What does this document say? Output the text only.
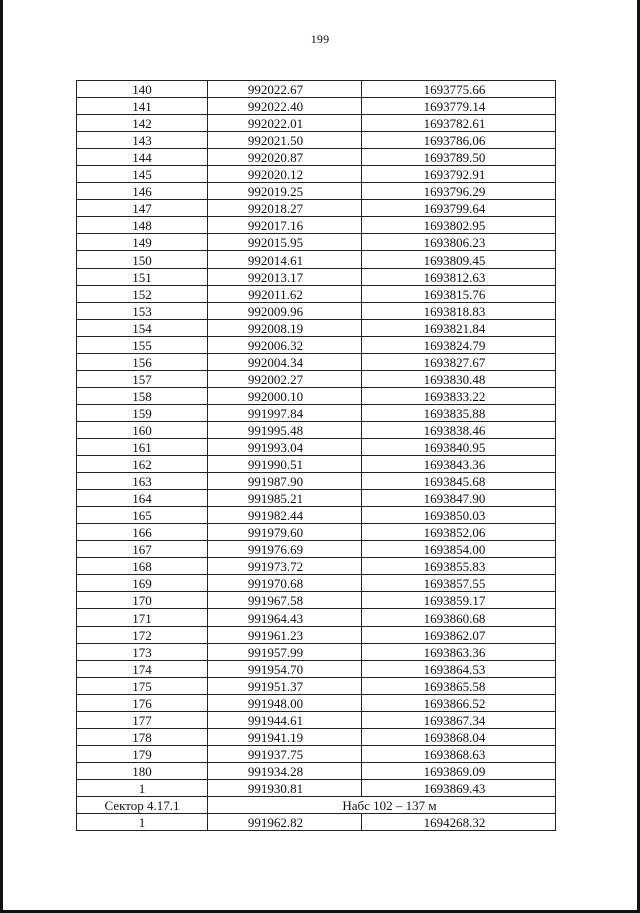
199
140	992022.67	1693775.66
141	992022.40	1693779.14
142	992022.01	1693782.61
143	992021.50	1693786.06
144	992020.87	1693789.50
145	992020.12	1693792.91
146	992019.25	1693796.29
147	992018.27	1693799.64
148	992017.16	1693802.95
149	992015.95	1693806.23
150	992014.61	1693809.45
151	992013.17	1693812.63
152	992011.62	1693815.76
153	992009.96	1693818.83
154	992008.19	1693821.84
155	992006.32	1693824.79
156	992004.34	1693827.67
157	992002.27	1693830.48
158	992000.10	1693833.22
159	991997.84	1693835.88
160	991995.48	1693838.46
161	991993.04	1693840.95
162	991990.51	1693843.36
163	991987.90	1693845.68
164	991985.21	1693847.90
165	991982.44	1693850.03
166	991979.60	1693852.06
167	991976.69	1693854.00
168	991973.72	1693855.83
169	991970.68	1693857.55
170	991967.58	1693859.17
171	991964.43	1693860.68
172	991961.23	1693862.07
173	991957.99	1693863.36
174	991954.70	1693864.53
175	991951.37	1693865.58
176	991948.00	1693866.52
177	991944.61	1693867.34
178	991941.19	1693868.04
179	991937.75	1693868.63
180	991934.28	1693869.09
1	991930.81	1693869.43
Сектор 4.17.1	Набс 102 – 137 м	
1	991962.82	1694268.32
